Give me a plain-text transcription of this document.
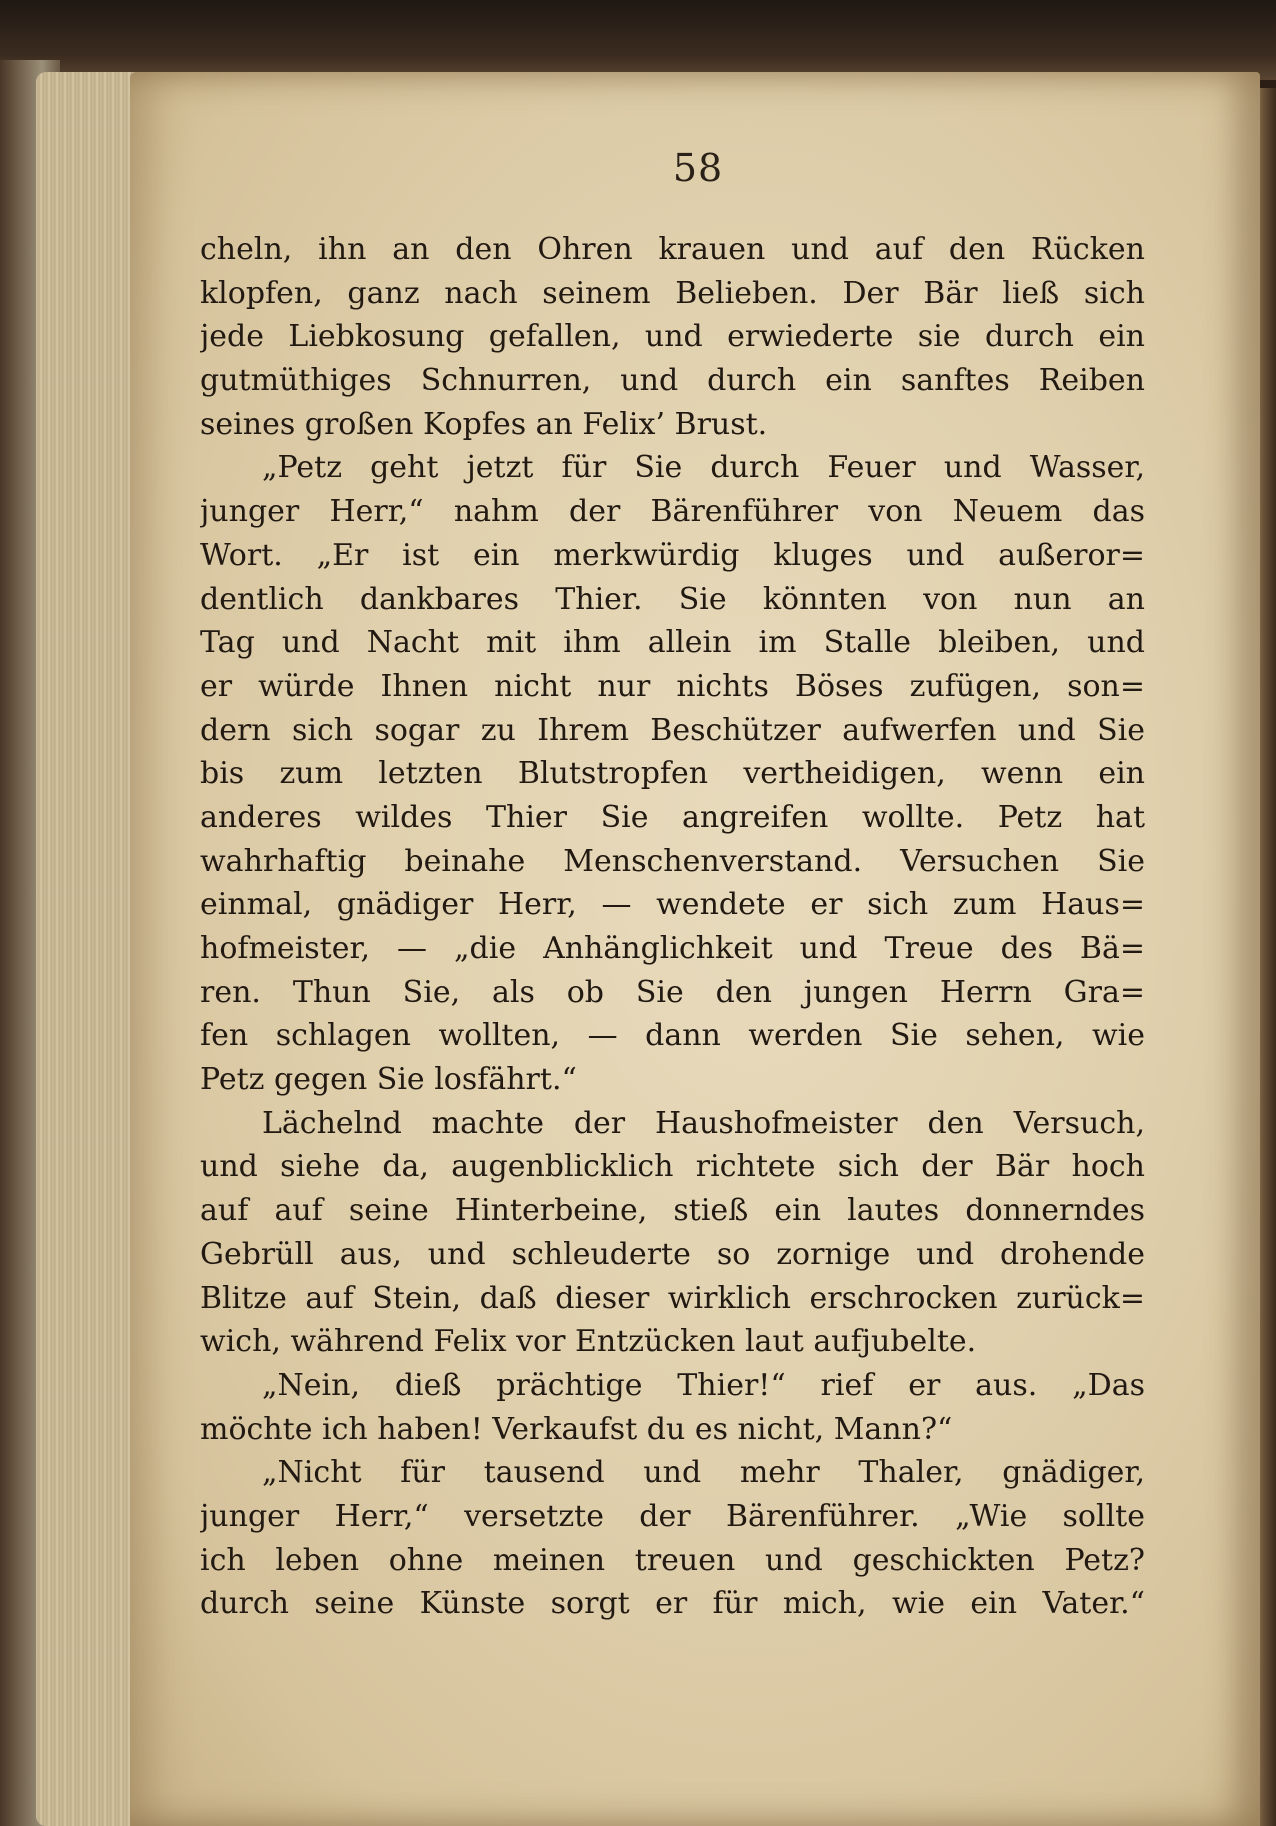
58
cheln, ihn an den Ohren krauen und auf den Rücken
klopfen, ganz nach seinem Belieben. Der Bär ließ sich
jede Liebkosung gefallen, und erwiederte sie durch ein
gutmüthiges Schnurren, und durch ein sanftes Reiben
seines großen Kopfes an Felix’ Brust.
„Petz geht jetzt für Sie durch Feuer und Wasser,
junger Herr,“ nahm der Bärenführer von Neuem das
Wort. „Er ist ein merkwürdig kluges und außeror=
dentlich dankbares Thier. Sie könnten von nun an
Tag und Nacht mit ihm allein im Stalle bleiben, und
er würde Ihnen nicht nur nichts Böses zufügen, son=
dern sich sogar zu Ihrem Beschützer aufwerfen und Sie
bis zum letzten Blutstropfen vertheidigen, wenn ein
anderes wildes Thier Sie angreifen wollte. Petz hat
wahrhaftig beinahe Menschenverstand. Versuchen Sie
einmal, gnädiger Herr, — wendete er sich zum Haus=
hofmeister, — „die Anhänglichkeit und Treue des Bä=
ren. Thun Sie, als ob Sie den jungen Herrn Gra=
fen schlagen wollten, — dann werden Sie sehen, wie
Petz gegen Sie losfährt.“
Lächelnd machte der Haushofmeister den Versuch,
und siehe da, augenblicklich richtete sich der Bär hoch
auf auf seine Hinterbeine, stieß ein lautes donnerndes
Gebrüll aus, und schleuderte so zornige und drohende
Blitze auf Stein, daß dieser wirklich erschrocken zurück=
wich, während Felix vor Entzücken laut aufjubelte.
„Nein, dieß prächtige Thier!“ rief er aus. „Das
möchte ich haben! Verkaufst du es nicht, Mann?“
„Nicht für tausend und mehr Thaler, gnädiger,
junger Herr,“ versetzte der Bärenführer. „Wie sollte
ich leben ohne meinen treuen und geschickten Petz?
durch seine Künste sorgt er für mich, wie ein Vater.“
